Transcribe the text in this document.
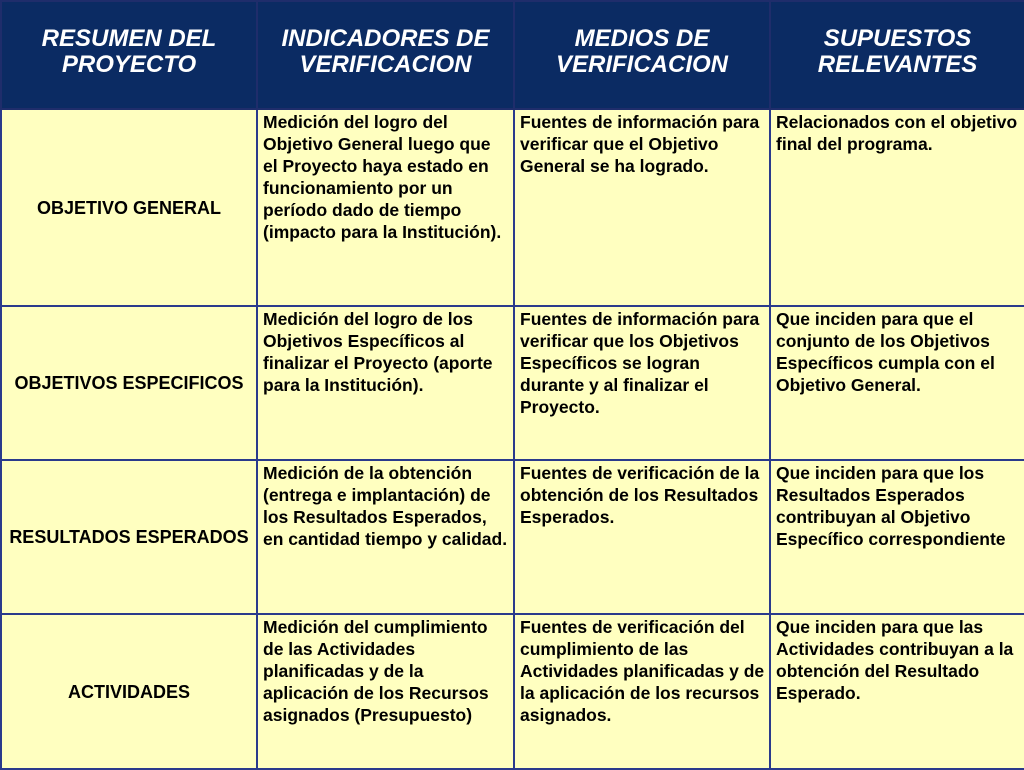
RESUMEN DEL PROYECTO	INDICADORES DE VERIFICACION	MEDIOS DE VERIFICACION	SUPUESTOS RELEVANTES
OBJETIVO GENERAL	Medición del logro del Objetivo General luego que el Proyecto haya estado en funcionamiento por un período dado de tiempo (impacto para la Institución).	Fuentes de información para verificar que el Objetivo General se ha logrado.	Relacionados con el objetivo final del programa.
OBJETIVOS ESPECIFICOS	Medición del logro de los Objetivos Específicos al finalizar el Proyecto (aporte para la Institución).	Fuentes de información para verificar que los Objetivos Específicos se logran durante y al finalizar el Proyecto.	Que inciden para que el conjunto de los Objetivos Específicos cumpla con el Objetivo General.
RESULTADOS ESPERADOS	Medición de la obtención (entrega e implantación) de los Resultados Esperados, en cantidad tiempo y calidad.	Fuentes de verificación de la obtención de los Resultados Esperados.	Que inciden para que los Resultados Esperados contribuyan al Objetivo Específico correspondiente
ACTIVIDADES	Medición del cumplimiento de las Actividades planificadas y de la aplicación de los Recursos asignados (Presupuesto)	Fuentes de verificación del cumplimiento de las Actividades planificadas y de la aplicación de los recursos asignados.	Que inciden para que las Actividades contribuyan a la obtención del Resultado Esperado.
